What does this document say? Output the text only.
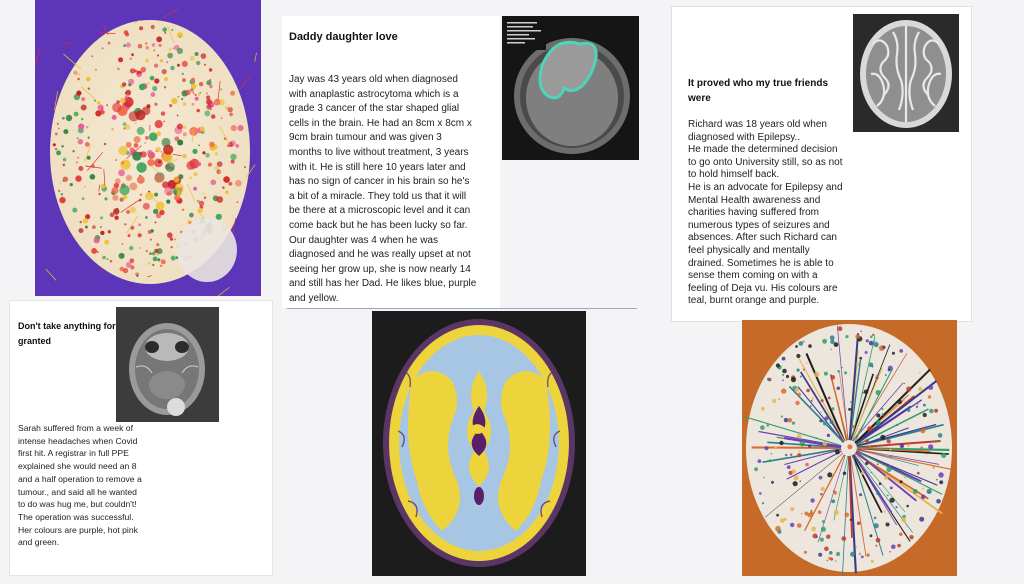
Daddy daughter love
Jay was 43 years old when diagnosed
with anaplastic astrocytoma which is a
grade 3 cancer of the star shaped glial
cells in the brain. He had an 8cm x 8cm x
9cm brain tumour and was given 3
months to live without treatment, 3 years
with it. He is still here 10 years later and
has no sign of cancer in his brain so he's
a bit of a miracle. They told us that it will
be there at a microscopic level and it can
come back but he has been lucky so far.
Our daughter was 4 when he was
diagnosed and he was really upset at not
seeing her grow up, she is now nearly 14
and still has her Dad. He likes blue, purple
and yellow.
It proved who my true friends
were
Richard was 18 years old when
diagnosed with Epilepsy..
He made the determined decision
to go onto University still, so as not
to hold himself back.
He is an advocate for Epilepsy and
Mental Health awareness and
charities having suffered from
numerous types of seizures and
absences. After such Richard can
feel physically and mentally
drained. Sometimes he is able to
sense them coming on with a
feeling of Deja vu. His colours are
teal, burnt orange and purple.
Don't take anything for
granted
Sarah suffered from a week of
intense headaches when Covid
first hit. A registrar in full PPE
explained she would need an 8
and a half operation to remove a
tumour., and said all he wanted
to do was hug me, but couldn't!
The operation was successful.
Her colours are purple, hot pink
and green.
